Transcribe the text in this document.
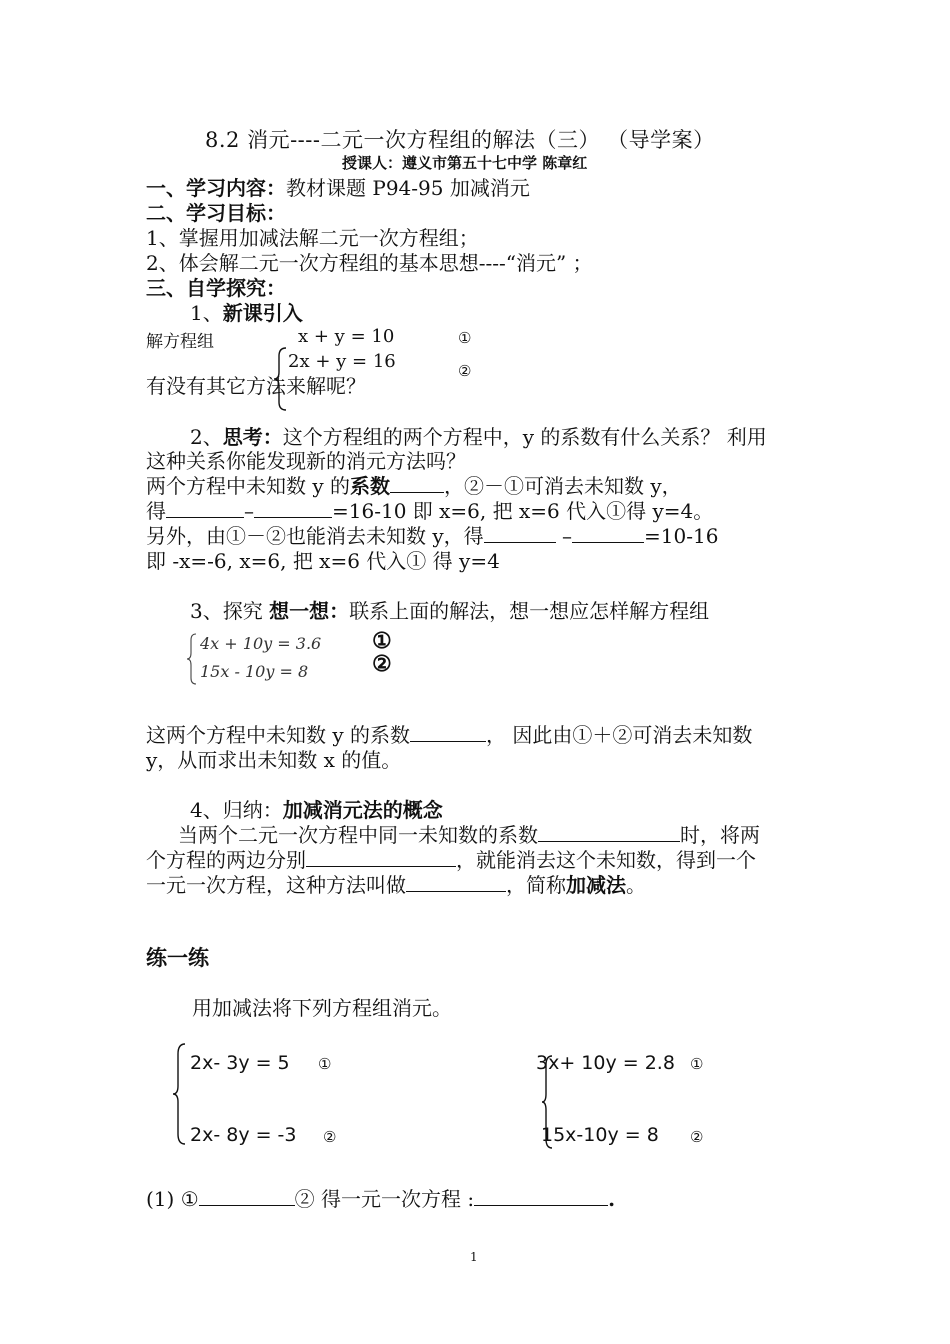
8.2 消元----二元一次方程组的解法（三） （导学案）
授课人：遵义市第五十七中学 陈章红
一、学习内容：教材课题 P94-95 加减消元
二、学习目标：
1、掌握用加减法解二元一次方程组；
2、体会解二元一次方程组的基本思想----“消元” ；
三、自学探究：
1、新课引入
解方程组	x + y = 10
2x + y = 16
①
②
有没有其它方法来解呢？
2、思考：这个方程组的两个方程中，y 的系数有什么关系？ 利用
这种关系你能发现新的消元方法吗？
两个方程中未知数 y 的系数	，②－①可消去未知数 y，
得	–	=16-10 即 x=6, 把 x=6 代入①得 y=4。
另外，由①－②也能消去未知数 y，得	–	=10-16
即 -x=-6, x=6, 把 x=6 代入① 得 y=4
3、探究 想一想：联系上面的解法，想一想应怎样解方程组
4x + 10y = 3.6
15x - 10y = 8
①
②
这两个方程中未知数 y 的系数	， 因此由①＋②可消去未知数
y，从而求出未知数 x 的值。
4、归纳：加减消元法的概念
当两个二元一次方程中同一未知数的系数	时，将两
个方程的两边分别	，就能消去这个未知数，得到一个
一元一次方程，这种方法叫做	，简称加减法。
练一练
用加减法将下列方程组消元。
2x- 3y = 5 ①
2x- 8y = -3 ②
3x+ 10y = 2.8 ①
15x-10y = 8 ②
(1) ①	② 得一元一次方程 :	.
1
